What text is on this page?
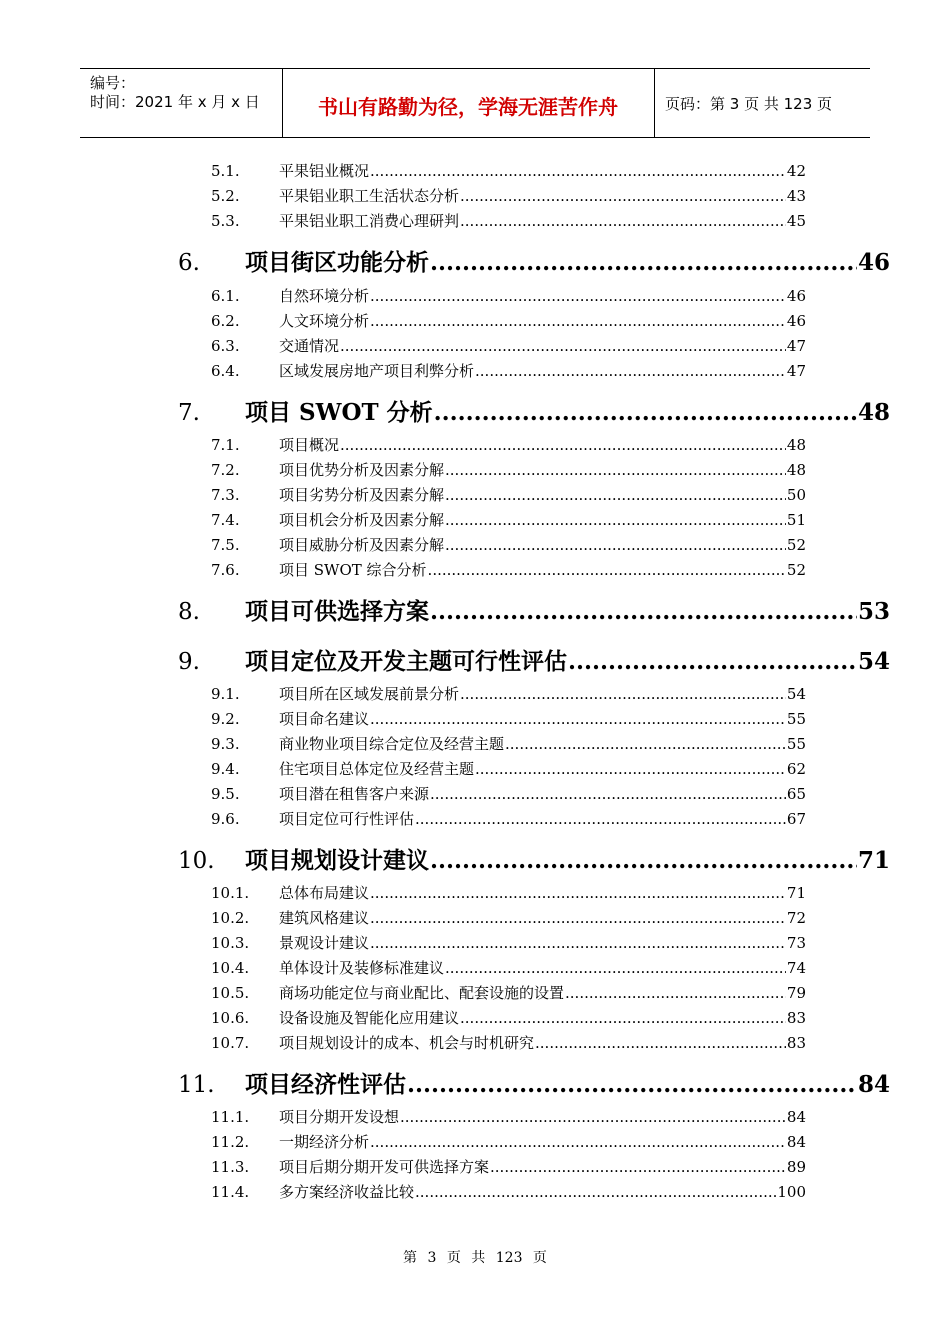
编号：
时间：2021 年 x 月 x 日	书山有路勤为径，学海无涯苦作舟	页码：第 3 页 共 123 页
5.1.	平果铝业概况 .....	42
5.2.	平果铝业职工生活状态分析 .....	43
5.3.	平果铝业职工消费心理研判 .....	45
6.	项目街区功能分析 .....	46
6.1.	自然环境分析 .....	46
6.2.	人文环境分析 .....	46
6.3.	交通情况 .....	47
6.4.	区域发展房地产项目利弊分析 .....	47
7.	项目 SWOT 分析 .....	48
7.1.	项目概况 .....	48
7.2.	项目优势分析及因素分解 .....	48
7.3.	项目劣势分析及因素分解 .....	50
7.4.	项目机会分析及因素分解 .....	51
7.5.	项目威胁分析及因素分解 .....	52
7.6.	项目 SWOT 综合分析 .....	52
8.	项目可供选择方案 .....	53
9.	项目定位及开发主题可行性评估 .....	54
9.1.	项目所在区域发展前景分析 .....	54
9.2.	项目命名建议 .....	55
9.3.	商业物业项目综合定位及经营主题 .....	55
9.4.	住宅项目总体定位及经营主题 .....	62
9.5.	项目潜在租售客户来源 .....	65
9.6.	项目定位可行性评估 .....	67
10.	项目规划设计建议 .....	71
10.1.	总体布局建议 .....	71
10.2.	建筑风格建议 .....	72
10.3.	景观设计建议 .....	73
10.4.	单体设计及装修标准建议 .....	74
10.5.	商场功能定位与商业配比、配套设施的设置 .....	79
10.6.	设备设施及智能化应用建议 .....	83
10.7.	项目规划设计的成本、机会与时机研究 .....	83
11.	项目经济性评估 .....	84
11.1.	项目分期开发设想 .....	84
11.2.	一期经济分析 .....	84
11.3.	项目后期分期开发可供选择方案 .....	89
11.4.	多方案经济收益比较 .....	100
第 3 页 共 123 页
